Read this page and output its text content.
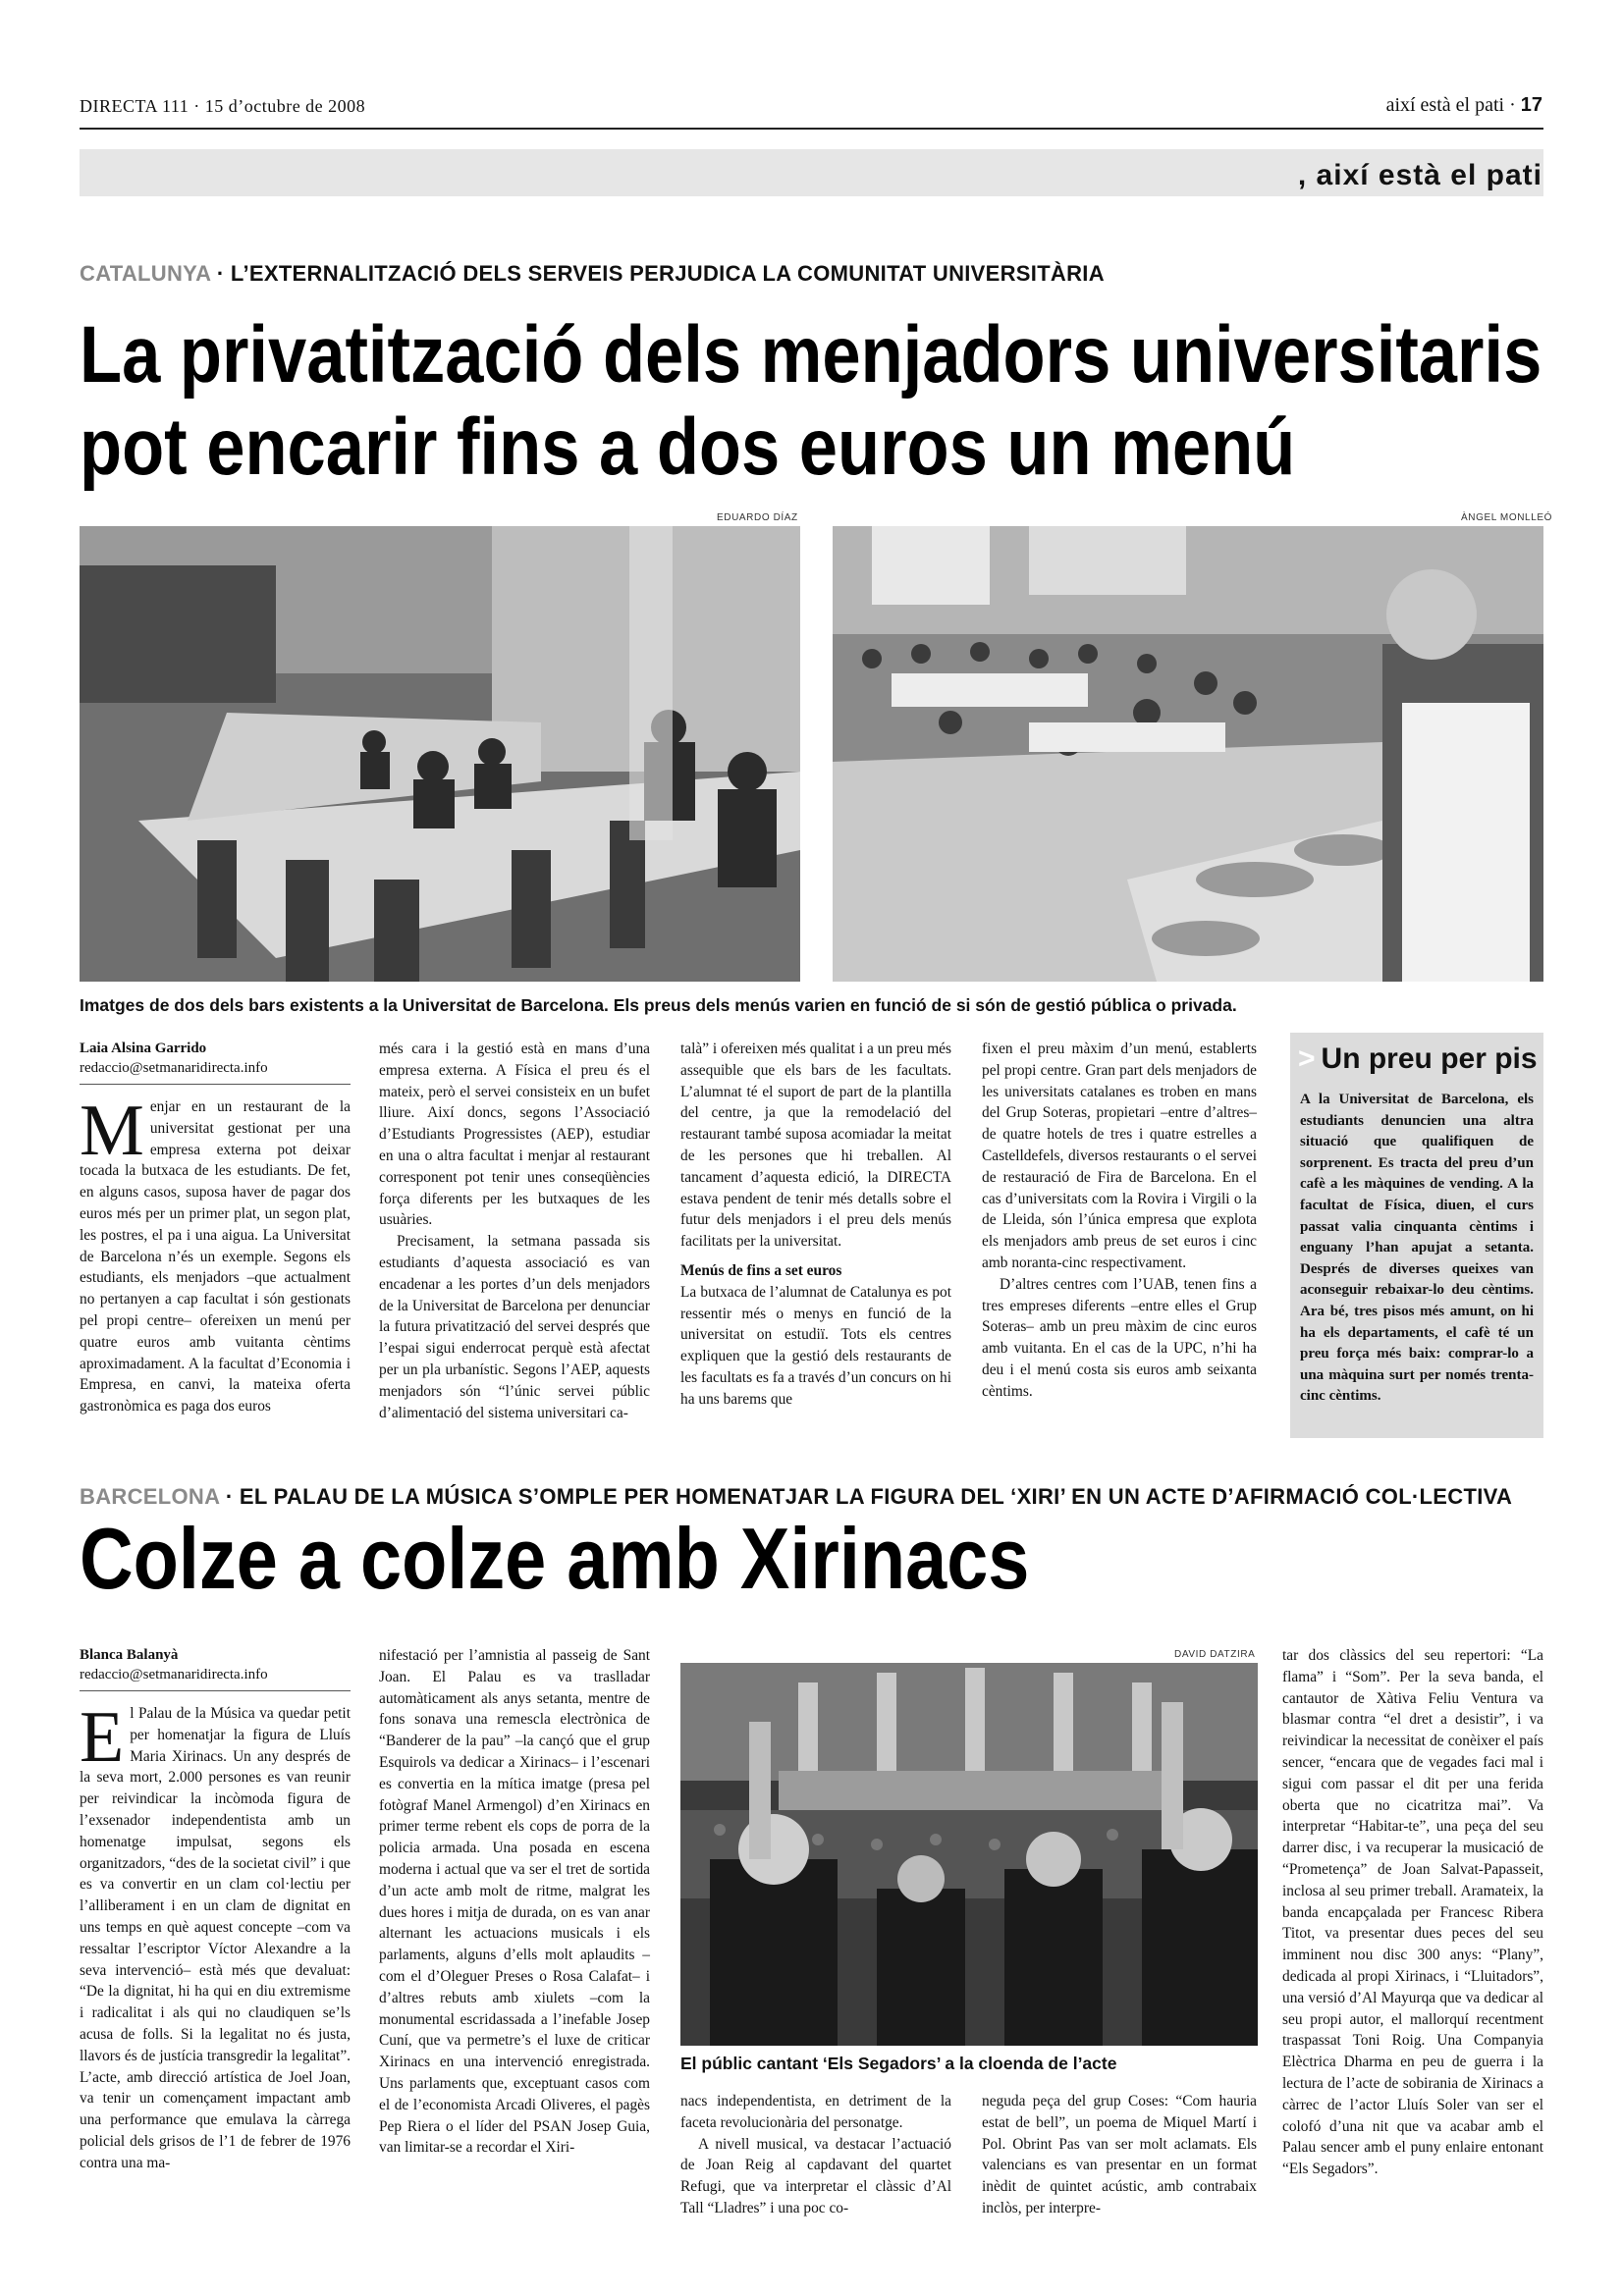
DIRECTA 111 · 15 d’octubre de 2008	així està el pati · 17
, així està el pati
CATALUNYA · L’EXTERNALITZACIÓ DELS SERVEIS PERJUDICA LA COMUNITAT UNIVERSITÀRIA
La privatització dels menjadors universitaris
pot encarir fins a dos euros un menú
EDUARDO DÍAZ	ÀNGEL MONLLEÓ
Imatges de dos dels bars existents a la Universitat de Barcelona. Els preus dels menús varien en funció de si són de gestió pública o privada.
Laia Alsina Garrido
redaccio@setmanaridirecta.info

Menjar en un restaurant de la universitat gestionat per una empresa externa pot deixar tocada la butxaca de les estudiants. De fet, en alguns casos, suposa haver de pagar dos euros més per un primer plat, un segon plat, les postres, el pa i una aigua. La Universitat de Barcelona n’és un exemple. Segons els estudiants, els menjadors –que actualment no pertanyen a cap facultat i són gestionats pel propi centre– ofereixen un menú per quatre euros amb vuitanta cèntims aproximadament. A la facultat d’Economia i Empresa, en canvi, la mateixa oferta gastronòmica es paga dos euros

més cara i la gestió està en mans d’una empresa externa. A Física el preu és el mateix, però el servei consisteix en un bufet lliure. Així doncs, segons l’Associació d’Estudiants Progressistes (AEP), estudiar en una o altra facultat i menjar al restaurant corresponent pot tenir unes conseqüències força diferents per les butxaques de les usuàries.

Precisament, la setmana passada sis estudiants d’aquesta associació es van encadenar a les portes d’un dels menjadors de la Universitat de Barcelona per denunciar la futura privatització del servei després que l’espai sigui enderrocat perquè està afectat per un pla urbanístic. Segons l’AEP, aquests menjadors són “l’únic servei públic d’alimentació del sistema universitari ca-

talà” i ofereixen més qualitat i a un preu més assequible que els bars de les facultats. L’alumnat té el suport de part de la plantilla del centre, ja que la remodelació del restaurant també suposa acomiadar la meitat de les persones que hi treballen. Al tancament d’aquesta edició, la DIRECTA estava pendent de tenir més detalls sobre el futur dels menjadors i el preu dels menús facilitats per la universitat.

Menús de fins a set euros

La butxaca de l’alumnat de Catalunya es pot ressentir més o menys en funció de la universitat on estudiï. Tots els centres expliquen que la gestió dels restaurants de les facultats es fa a través d’un concurs on hi ha uns barems que

fixen el preu màxim d’un menú, establerts pel propi centre. Gran part dels menjadors de les universitats catalanes es troben en mans del Grup Soteras, propietari –entre d’altres– de quatre hotels de tres i quatre estrelles a Castelldefels, diversos restaurants o el servei de restauració de Fira de Barcelona. En el cas d’universitats com la Rovira i Virgili o la de Lleida, són l’única empresa que explota els menjadors amb preus de set euros i cinc amb noranta-cinc respectivament.

D’altres centres com l’UAB, tenen fins a tres empreses diferents –entre elles el Grup Soteras– amb un preu màxim de cinc euros amb vuitanta. En el cas de la UPC, n’hi ha deu i el menú costa sis euros amb seixanta cèntims.

> Un preu per pis
A la Universitat de Barcelona, els estudiants denuncien una altra situació que qualifiquen de sorprenent. Es tracta del preu d’un cafè a les màquines de vending. A la facultat de Física, diuen, el curs passat valia cinquanta cèntims i enguany l’han apujat a setanta. Després de diverses queixes van aconseguir rebaixar-lo deu cèntims. Ara bé, tres pisos més amunt, on hi ha els departaments, el cafè té un preu força més baix: comprar-lo a una màquina surt per només trenta-cinc cèntims.
BARCELONA · EL PALAU DE LA MÚSICA S’OMPLE PER HOMENATJAR LA FIGURA DEL ‘XIRI’ EN UN ACTE D’AFIRMACIÓ COL·LECTIVA
Colze a colze amb Xirinacs
Blanca Balanyà
redaccio@setmanaridirecta.info

El Palau de la Música va quedar petit per homenatjar la figura de Lluís Maria Xirinacs. Un any després de la seva mort, 2.000 persones es van reunir per reivindicar la incòmoda figura de l’exsenador independentista amb un homenatge impulsat, segons els organitzadors, “des de la societat civil” i que es va convertir en un clam col·lectiu per l’alliberament i en un clam de dignitat en uns temps en què aquest concepte –com va ressaltar l’escriptor Víctor Alexandre a la seva intervenció– està més que devaluat: “De la dignitat, hi ha qui en diu extremisme i radicalitat i als qui no claudiquen se’ls acusa de folls. Si la legalitat no és justa, llavors és de justícia transgredir la legalitat”. L’acte, amb direcció artística de Joel Joan, va tenir un començament impactant amb una performance que emulava la càrrega policial dels grisos de l’1 de febrer de 1976 contra una ma-

nifestació per l’amnistia al passeig de Sant Joan. El Palau es va traslladar automàticament als anys setanta, mentre de fons sonava una remescla electrònica de “Banderer de la pau” –la cançó que el grup Esquirols va dedicar a Xirinacs– i l’escenari es convertia en la mítica imatge (presa pel fotògraf Manel Armengol) d’en Xirinacs en primer terme rebent els cops de porra de la policia armada. Una posada en escena moderna i actual que va ser el tret de sortida d’un acte amb molt de ritme, malgrat les dues hores i mitja de durada, on es van anar alternant les actuacions musicals i els parlaments, alguns d’ells molt aplaudits –com el d’Oleguer Preses o Rosa Calafat– i d’altres rebuts amb xiulets –com la monumental escridassada a l’inefable Josep Cuní, que va permetre’s el luxe de criticar Xirinacs en una intervenció enregistrada. Uns parlaments que, exceptuant casos com el de l’economista Arcadi Oliveres, el pagès Pep Riera o el líder del PSAN Josep Guia, van limitar-se a recordar el Xiri-

DAVID DATZIRA
El públic cantant ‘Els Segadors’ a la cloenda de l’acte

nacs independentista, en detriment de la faceta revolucionària del personatge.

A nivell musical, va destacar l’actuació de Joan Reig al capdavant del quartet Refugi, que va interpretar el clàssic d’Al Tall “Lladres” i una poc co-

neguda peça del grup Coses: “Com hauria estat de bell”, un poema de Miquel Martí i Pol. Obrint Pas van ser molt aclamats. Els valencians es van presentar en un format inèdit de quintet acústic, amb contrabaix inclòs, per interpre-

tar dos clàssics del seu repertori: “La flama” i “Som”. Per la seva banda, el cantautor de Xàtiva Feliu Ventura va blasmar contra “el dret a desistir”, i va reivindicar la necessitat de conèixer el país sencer, “encara que de vegades faci mal i sigui com passar el dit per una ferida oberta que no cicatritza mai”. Va interpretar “Habitar-te”, una peça del seu darrer disc, i va recuperar la musicació de “Prometença” de Joan Salvat-Papasseit, inclosa al seu primer treball. Aramateix, la banda encapçalada per Francesc Ribera Titot, va presentar dues peces del seu imminent nou disc 300 anys: “Plany”, dedicada al propi Xirinacs, i “Lluitadors”, una versió d’Al Mayurqa que va dedicar al seu propi autor, el mallorquí recentment traspassat Toni Roig. Una Companyia Elèctrica Dharma en peu de guerra i la lectura de l’acte de sobirania de Xirinacs a càrrec de l’actor Lluís Soler van ser el colofó d’una nit que va acabar amb el Palau sencer amb el puny enlaire entonant “Els Segadors”.
